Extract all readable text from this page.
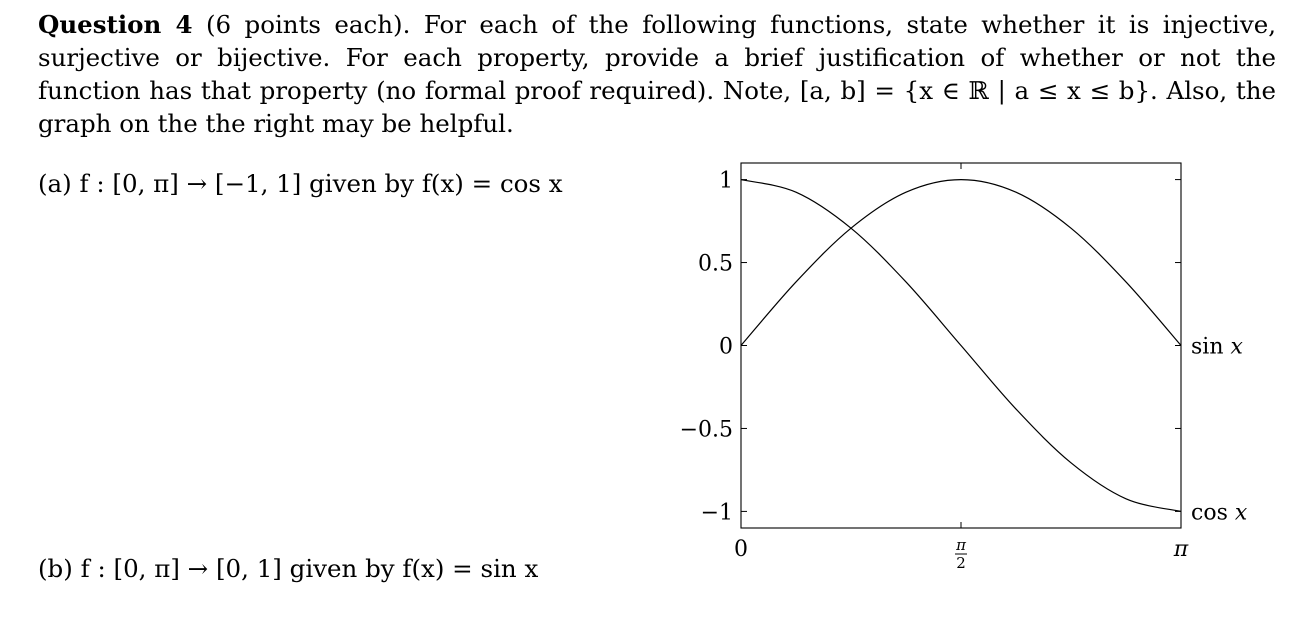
Question 4 (6 points each). For each of the following functions, state whether it is injective, surjective or bijective. For each property, provide a brief justification of whether or not the function has that property (no formal proof required). Note, [a, b] = {x ∈ ℝ | a ≤ x ≤ b}. Also, the graph on the the right may be helpful.
(a) f : [0, π] → [−1, 1] given by f(x) = cos x
(b) f : [0, π] → [0, 1] given by f(x) = sin x
1
0.5
0
−0.5
−1
0	π
2
π
sin x
cos x
